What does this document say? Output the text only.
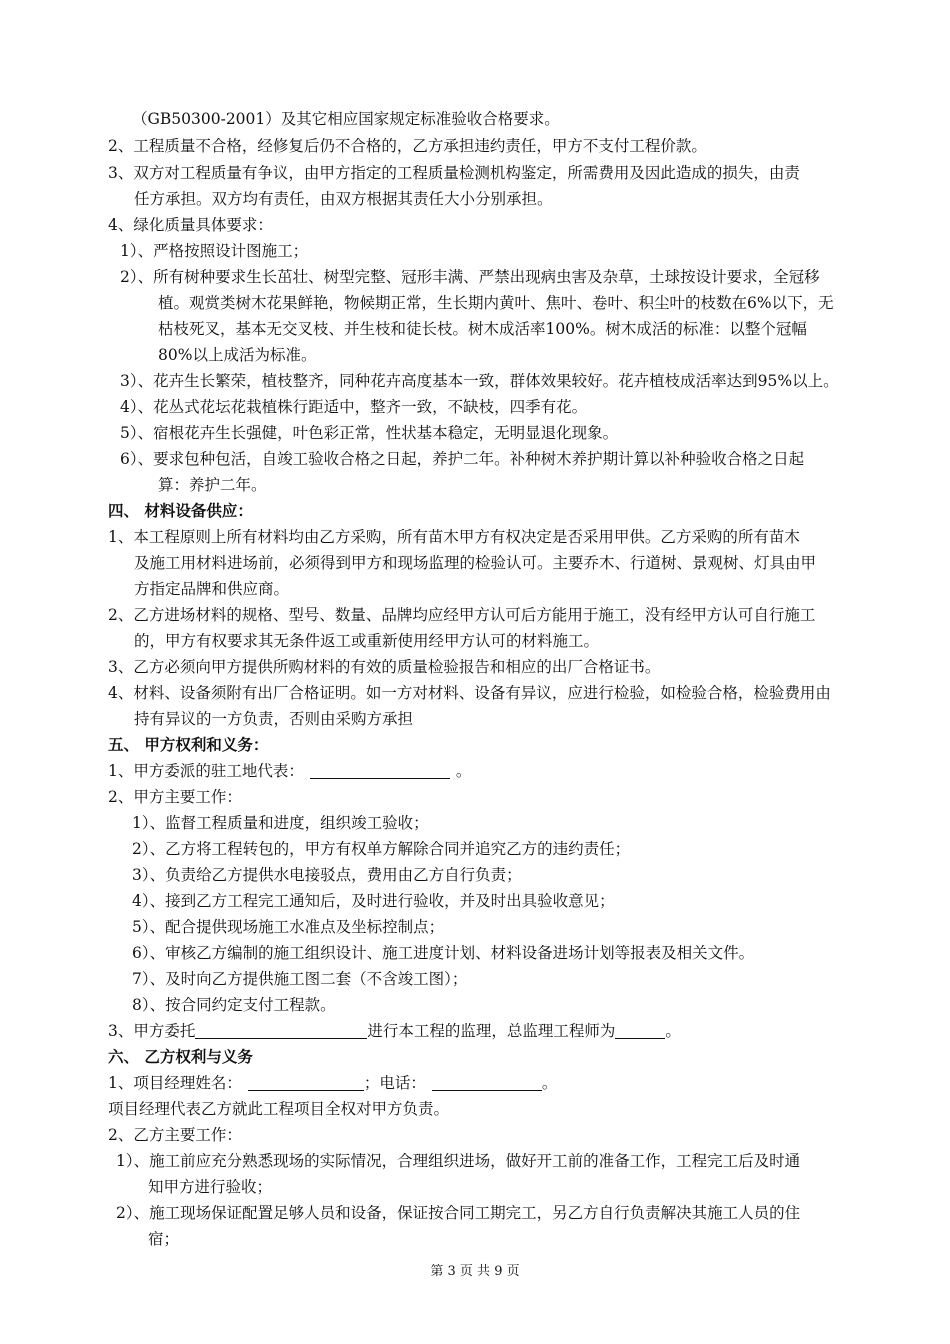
（GB50300-2001）及其它相应国家规定标准验收合格要求。
2、工程质量不合格，经修复后仍不合格的，乙方承担违约责任，甲方不支付工程价款。
3、双方对工程质量有争议，由甲方指定的工程质量检测机构鉴定，所需费用及因此造成的损失，由责
任方承担。双方均有责任，由双方根据其责任大小分别承担。
4、绿化质量具体要求：
1）、严格按照设计图施工；
2）、所有树种要求生长茁壮、树型完整、冠形丰满、严禁出现病虫害及杂草，土球按设计要求，全冠移
植。观赏类树木花果鲜艳，物候期正常，生长期内黄叶、焦叶、卷叶、积尘叶的枝数在6%以下，无
枯枝死叉，基本无交叉枝、并生枝和徒长枝。树木成活率100%。树木成活的标准：以整个冠幅
80%以上成活为标准。
3）、花卉生长繁荣，植枝整齐，同种花卉高度基本一致，群体效果较好。花卉植枝成活率达到95%以上。
4）、花丛式花坛花栽植株行距适中，整齐一致，不缺枝，四季有花。
5）、宿根花卉生长强健，叶色彩正常，性状基本稳定，无明显退化现象。
6）、要求包种包活，自竣工验收合格之日起，养护二年。补种树木养护期计算以补种验收合格之日起
算：养护二年。
四、 材料设备供应：
1、本工程原则上所有材料均由乙方采购，所有苗木甲方有权决定是否采用甲供。乙方采购的所有苗木
及施工用材料进场前，必须得到甲方和现场监理的检验认可。主要乔木、行道树、景观树、灯具由甲
方指定品牌和供应商。
2、乙方进场材料的规格、型号、数量、品牌均应经甲方认可后方能用于施工，没有经甲方认可自行施工
的，甲方有权要求其无条件返工或重新使用经甲方认可的材料施工。
3、乙方必须向甲方提供所购材料的有效的质量检验报告和相应的出厂合格证书。
4、材料、设备须附有出厂合格证明。如一方对材料、设备有异议，应进行检验，如检验合格，检验费用由
持有异议的一方负责，否则由采购方承担
五、 甲方权利和义务：
1、甲方委派的驻工地代表：	。
2、甲方主要工作：
1）、监督工程质量和进度，组织竣工验收；
2）、乙方将工程转包的，甲方有权单方解除合同并追究乙方的违约责任；
3）、负责给乙方提供水电接驳点，费用由乙方自行负责；
4）、接到乙方工程完工通知后，及时进行验收，并及时出具验收意见；
5）、配合提供现场施工水准点及坐标控制点；
6）、审核乙方编制的施工组织设计、施工进度计划、材料设备进场计划等报表及相关文件。
7）、及时向乙方提供施工图二套（不含竣工图）；
8）、按合同约定支付工程款。
3、甲方委托	进行本工程的监理，总监理工程师为	。
六、 乙方权利与义务
1、项目经理姓名：	；电话：	。
项目经理代表乙方就此工程项目全权对甲方负责。
2、乙方主要工作：
1）、施工前应充分熟悉现场的实际情况，合理组织进场，做好开工前的准备工作，工程完工后及时通
知甲方进行验收；
2）、施工现场保证配置足够人员和设备，保证按合同工期完工，另乙方自行负责解决其施工人员的住
宿；
第 3 页 共 9 页
